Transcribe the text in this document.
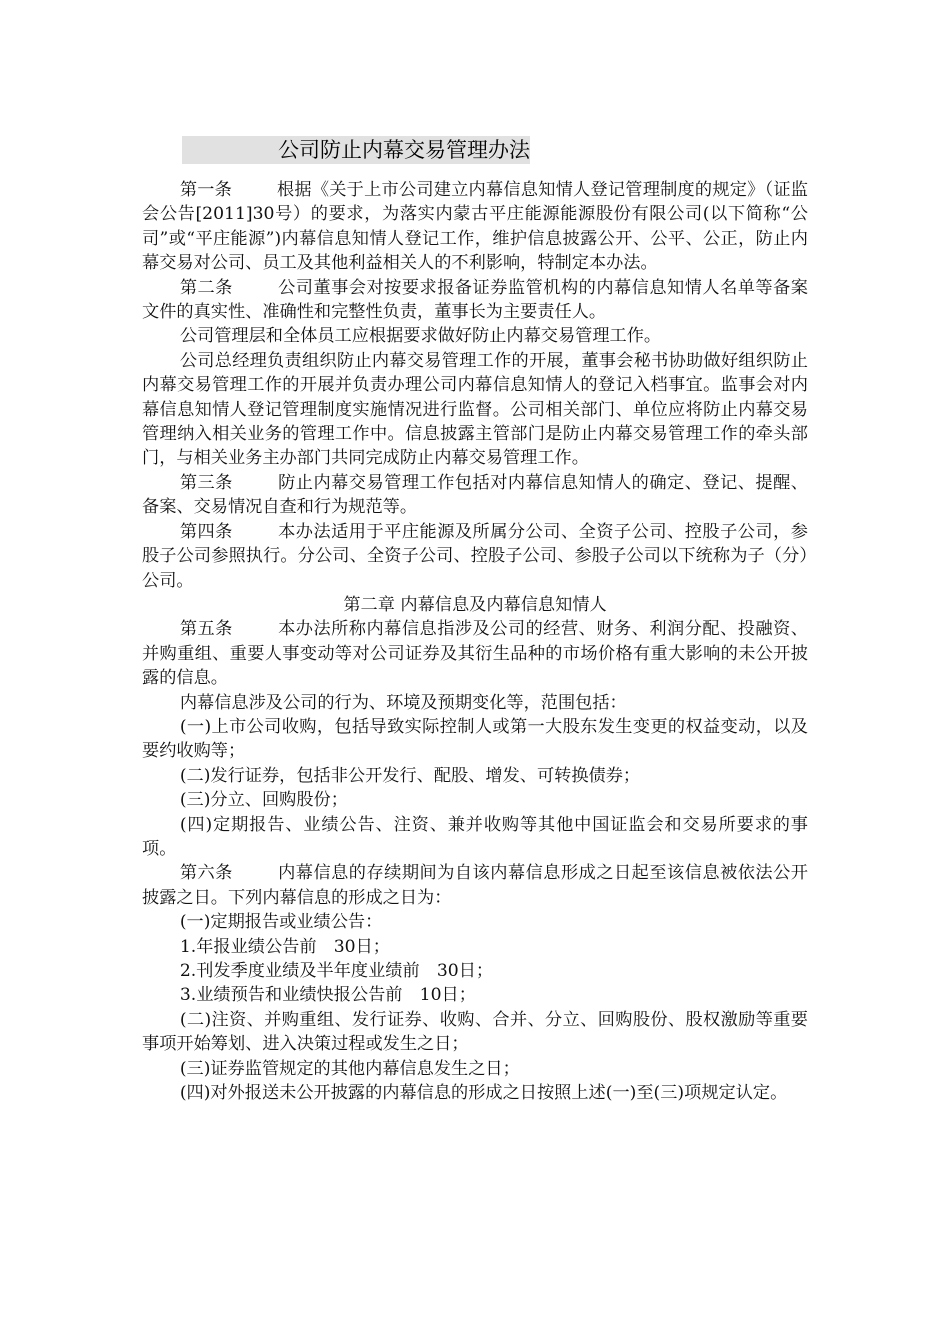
公司防止内幕交易管理办法

第一条	根据《关于上市公司建立内幕信息知情人登记管理制度的规定》（证监会公告[2011]30号）的要求，为落实内蒙古平庄能源能源股份有限公司(以下简称“公司”或“平庄能源”)内幕信息知情人登记工作，维护信息披露公开、公平、公正，防止内幕交易对公司、员工及其他利益相关人的不利影响，特制定本办法。

第二条	公司董事会对按要求报备证券监管机构的内幕信息知情人名单等备案文件的真实性、准确性和完整性负责，董事长为主要责任人。

公司管理层和全体员工应根据要求做好防止内幕交易管理工作。

公司总经理负责组织防止内幕交易管理工作的开展，董事会秘书协助做好组织防止内幕交易管理工作的开展并负责办理公司内幕信息知情人的登记入档事宜。监事会对内幕信息知情人登记管理制度实施情况进行监督。公司相关部门、单位应将防止内幕交易管理纳入相关业务的管理工作中。信息披露主管部门是防止内幕交易管理工作的牵头部门，与相关业务主办部门共同完成防止内幕交易管理工作。

第三条	防止内幕交易管理工作包括对内幕信息知情人的确定、登记、提醒、备案、交易情况自查和行为规范等。

第四条	本办法适用于平庄能源及所属分公司、全资子公司、控股子公司，参股子公司参照执行。分公司、全资子公司、控股子公司、参股子公司以下统称为子（分）公司。

第二章 内幕信息及内幕信息知情人

第五条	本办法所称内幕信息指涉及公司的经营、财务、利润分配、投融资、并购重组、重要人事变动等对公司证券及其衍生品种的市场价格有重大影响的未公开披露的信息。

内幕信息涉及公司的行为、环境及预期变化等，范围包括：

(一)上市公司收购，包括导致实际控制人或第一大股东发生变更的权益变动，以及要约收购等；

(二)发行证券，包括非公开发行、配股、增发、可转换债券；

(三)分立、回购股份；

(四)定期报告、业绩公告、注资、兼并收购等其他中国证监会和交易所要求的事项。

第六条	内幕信息的存续期间为自该内幕信息形成之日起至该信息被依法公开披露之日。下列内幕信息的形成之日为：

(一)定期报告或业绩公告：

1.年报业绩公告前　30日；

2.刊发季度业绩及半年度业绩前　30日；

3.业绩预告和业绩快报公告前　10日；

(二)注资、并购重组、发行证券、收购、合并、分立、回购股份、股权激励等重要事项开始筹划、进入决策过程或发生之日；

(三)证券监管规定的其他内幕信息发生之日；

(四)对外报送未公开披露的内幕信息的形成之日按照上述(一)至(三)项规定认定。
